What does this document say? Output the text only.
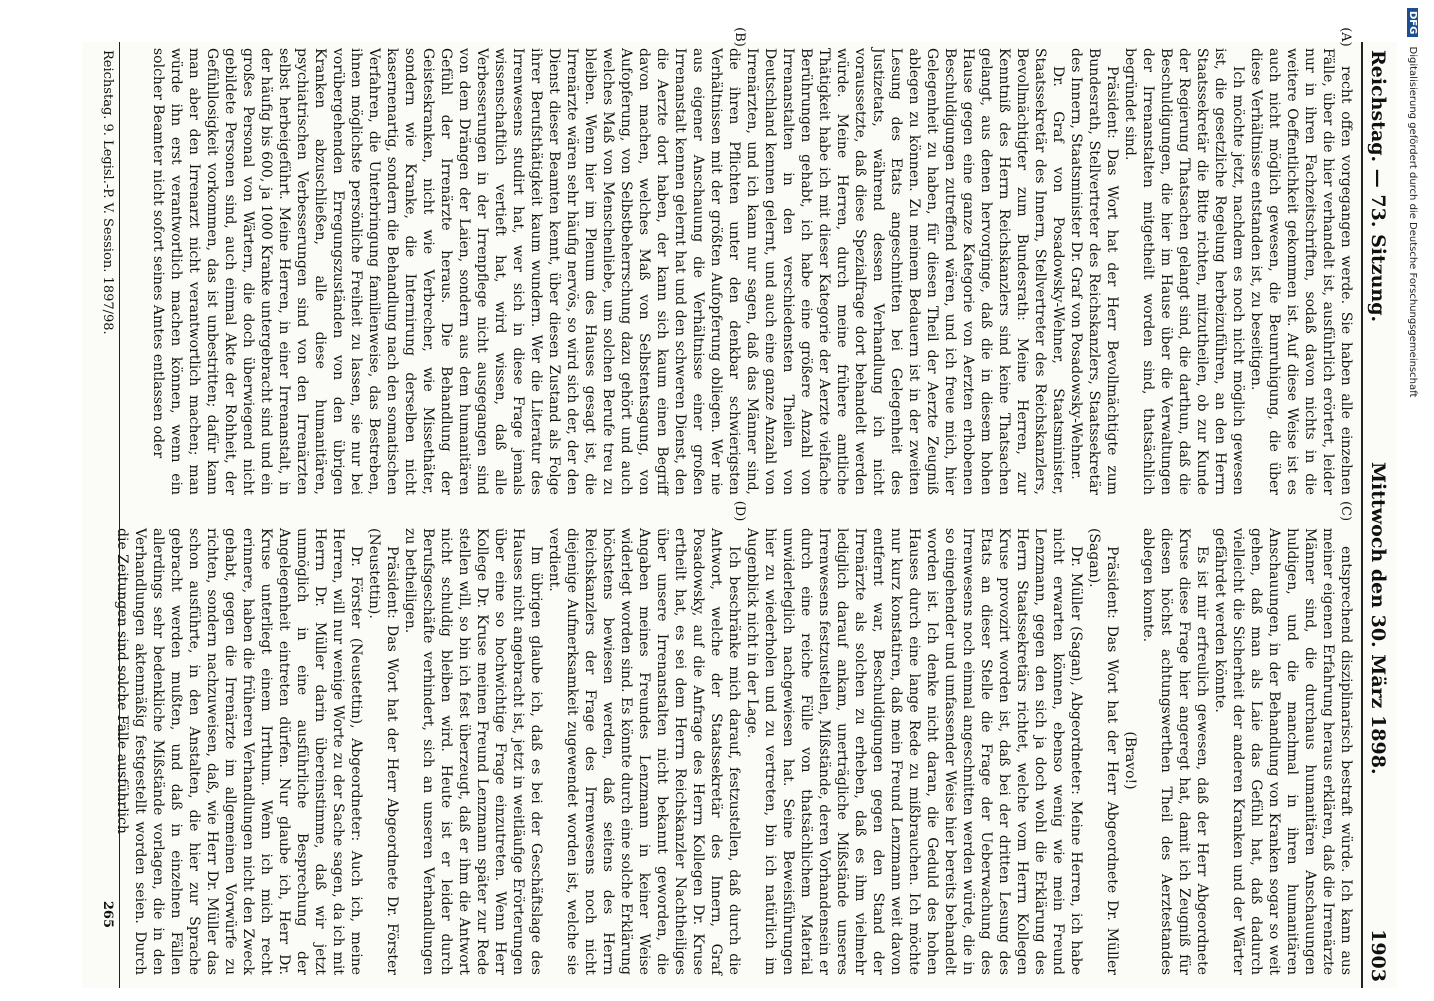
Reichstag. — 73. Sitzung.
Mittwoch den 30. März 1898.
1903
(A)
(B)
(C)
(D)

recht offen vorgegangen werde. Sie haben alle einzelnen Fälle, über die hier verhandelt ist, ausführlich erörtert, leider nur in ihren Fachzeitschriften, sodaß davon nichts in die weitere Oeffentlichkeit gekommen ist. Auf diese Weise ist es auch nicht möglich gewesen, die Beunruhigung, die über diese Verhältnisse entstanden ist, zu beseitigen.

Ich möchte jetzt, nachdem es noch nicht möglich gewesen ist, die gesetzliche Regelung herbeizuführen, an den Herrn Staatssekretär die Bitte richten, mitzutheilen, ob zur Kunde der Regierung Thatsachen gelangt sind, die darthun, daß die Beschuldigungen, die hier im Hause über die Verwaltungen der Irrenanstalten mitgetheilt worden sind, thatsächlich begründet sind.

Präsident: Das Wort hat der Herr Bevollmächtigte zum Bundesrath, Stellvertreter des Reichskanzlers, Staatssekretär des Innern, Staatsminister Dr. Graf von Posadowsky-Wehner.

Dr. Graf von Posadowsky-Wehner, Staatsminister, Staatssekretär des Innern, Stellvertreter des Reichskanzlers, Bevollmächtigter zum Bundesrath: Meine Herren, zur Kenntniß des Herrn Reichskanzlers sind keine Thatsachen gelangt, aus denen hervorginge, daß die in diesem hohen Hause gegen eine ganze Kategorie von Aerzten erhobenen Beschuldigungen zutreffend wären, und ich freue mich, hier Gelegenheit zu haben, für diesen Theil der Aerzte Zeugniß ablegen zu können. Zu meinem Bedauern ist in der zweiten Lesung des Etats angeschnitten bei Gelegenheit des Justizetats, während dessen Verhandlung ich nicht voraussetzte, daß diese Spezialfrage dort behandelt werden würde. Meine Herren, durch meine frühere amtliche Thätigkeit habe ich mit dieser Kategorie der Aerzte vielfache Berührungen gehabt, ich habe eine größere Anzahl von Irrenanstalten in den verschiedensten Theilen von Deutschland kennen gelernt, und auch eine ganze Anzahl von Irrenärzten, und ich kann nur sagen, daß das Männer sind, die ihren Pflichten unter den denkbar schwierigsten Verhältnissen mit der größten Aufopferung obliegen. Wer nie aus eigener Anschauung die Verhältnisse einer großen Irrenanstalt kennen gelernt hat und den schweren Dienst, den die Aerzte dort haben, der kann sich kaum einen Begriff davon machen, welches Maß von Selbstentsagung, von Aufopferung, von Selbstbeherrschung dazu gehört und auch welches Maß von Menschenliebe, um solchen Berufe treu zu bleiben. Wenn hier im Plenum des Hauses gesagt ist, die Irrenärzte wären sehr häufig nervös, so wird sich der, der den Dienst dieser Beamten kennt, über diesen Zustand als Folge ihrer Berufsthätigkeit kaum wundern. Wer die Literatur des Irrenwesens studirt hat, wer sich in diese Frage jemals wissenschaftlich vertieft hat, wird wissen, daß alle Verbesserungen in der Irrenpflege nicht ausgegangen sind von dem Drängen der Laien, sondern aus dem humanitären Gefühl der Irrenärzte heraus. Die Behandlung der Geisteskranken, nicht wie Verbrecher, wie Missethäter, sondern wie Kranke, die Internirung derselben nicht kasernenartig, sondern die Behandlung nach den somatischen Verfahren, die Unterbringung familienweise, das Bestreben, ihnen möglichste persönliche Freiheit zu lassen, sie nur bei vorübergehenden Erregungszuständen von den übrigen Kranken abzuschließen, alle diese humanitären, psychiatrischen Verbesserungen sind von den Irrenärzten selbst herbeigeführt. Meine Herren, in einer Irrenanstalt, in der häufig bis 600, ja 1000 Kranke untergebracht sind und ein großes Personal von Wärtern, die doch überwiegend nicht gebildete Personen sind, auch einmal Akte der Rohheit, der Gefühllosigkeit vorkommen, das ist unbestritten; dafür kann man aber den Irrenarzt nicht verantwortlich machen; man würde ihn erst verantwortlich machen können, wenn ein solcher Beamter nicht sofort seines Amtes entlassen oder

entsprechend disziplinarisch bestraft würde. Ich kann aus meiner eigenen Erfahrung heraus erklären, daß die Irrenärzte Männer sind, die durchaus humanitären Anschauungen huldigen, und die manchmal in ihren humanitären Anschauungen, in der Behandlung von Kranken sogar so weit gehen, daß man als Laie das Gefühl hat, daß dadurch vielleicht die Sicherheit der anderen Kranken und der Wärter gefährdet werden könnte.

Es ist mir erfreulich gewesen, daß der Herr Abgeordnete Kruse diese Frage hier angeregt hat, damit ich Zeugniß für diesen höchst achtungswerthen Theil des Aerztestandes ablegen konnte.

(Bravo!)

Präsident: Das Wort hat der Herr Abgeordnete Dr. Müller (Sagan).

Dr. Müller (Sagan), Abgeordneter: Meine Herren, ich habe nicht erwarten können, ebenso wenig wie mein Freund Lenzmann, gegen den sich ja doch wohl die Erklärung des Herrn Staatssekretärs richtet, welche vom Herrn Kollegen Kruse provozirt worden ist, daß bei der dritten Lesung des Etats an dieser Stelle die Frage der Ueberwachung des Irrenwesens noch einmal angeschnitten werden würde, die in so eingehender und umfassender Weise hier bereits behandelt worden ist. Ich denke nicht daran, die Geduld des hohen Hauses durch eine lange Rede zu mißbrauchen. Ich möchte nur kurz konstatiren, daß mein Freund Lenzmann weit davon entfernt war, Beschuldigungen gegen den Stand der Irrenärzte als solchen zu erheben, daß es ihm vielmehr lediglich darauf ankam, unerträgliche Mißstände unseres Irrenwesens festzustellen, Mißstände, deren Vorhandensein er durch eine reiche Fülle von thatsächlichem Material unwiderleglich nachgewiesen hat. Seine Beweisführungen hier zu wiederholen und zu vertreten, bin ich natürlich im Augenblick nicht in der Lage.

Ich beschränke mich darauf, festzustellen, daß durch die Antwort, welche der Staatssekretär des Innern, Graf Posadowsky, auf die Anfrage des Herrn Kollegen Dr. Kruse ertheilt hat, es sei dem Herrn Reichskanzler Nachtheiliges über unsere Irrenanstalten nicht bekannt geworden, die Angaben meines Freundes Lenzmann in keiner Weise widerlegt worden sind. Es könnte durch eine solche Erklärung höchstens bewiesen werden, daß seitens des Herrn Reichskanzlers der Frage des Irrenwesens noch nicht diejenige Aufmerksamkeit zugewendet worden ist, welche sie verdient.

Im übrigen glaube ich, daß es bei der Geschäftslage des Hauses nicht angebracht ist, jetzt in weitläufige Erörterungen über eine so hochwichtige Frage einzutreten. Wenn Herr Kollege Dr. Kruse meinen Freund Lenzmann später zur Rede stellen will, so bin ich fest überzeugt, daß er ihm die Antwort nicht schuldig bleiben wird. Heute ist er leider durch Berufsgeschäfte verhindert, sich an unseren Verhandlungen zu betheiligen.

Präsident: Das Wort hat der Herr Abgeordnete Dr. Förster (Neustettin).

Dr. Förster (Neustettin), Abgeordneter: Auch ich, meine Herren, will nur wenige Worte zu der Sache sagen, da ich mit Herrn Dr. Müller darin übereinstimme, daß wir jetzt unmöglich in eine ausführliche Besprechung der Angelegenheit eintreten dürfen. Nur glaube ich, Herr Dr. Kruse unterliegt einem Irrthum. Wenn ich mich recht erinnere, haben die früheren Verhandlungen nicht den Zweck gehabt, gegen die Irrenärzte im allgemeinen Vorwürfe zu richten, sondern nachzuweisen, daß, wie Herr Dr. Müller das schon ausführte, in den Anstalten, die hier zur Sprache gebracht werden mußten, und daß in einzelnen Fällen allerdings sehr bedenkliche Mißstände vorlagen, die in den Verhandlungen aktenmäßig festgestellt worden seien. Durch die Zeitungen sind solche Fälle ausführlich

Reichstag. 9. Legisl.-P. V. Session. 1897/98.
265
DFG Digitalisierung gefördert durch die Deutsche Forschungsgemeinschaft
